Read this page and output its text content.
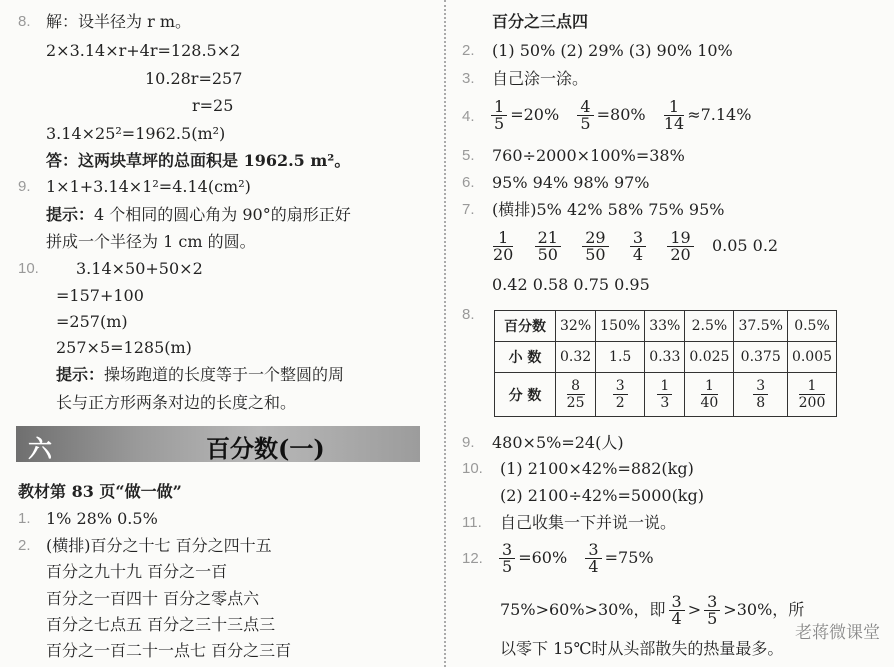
8. 解：设半径为 r m。
2×3.14×r+4r=128.5×2
10.28r=257
r=25
3.14×25²=1962.5(m²)
答：这两块草坪的总面积是 1962.5 m²。
9. 1×1+3.14×1²=4.14(cm²)
提示：4 个相同的圆心角为 90°的扇形正好
拼成一个半径为 1 cm 的圆。
10. 3.14×50+50×2
=157+100
=257(m)
257×5=1285(m)
提示：操场跑道的长度等于一个整圆的周
长与正方形两条对边的长度之和。
六	百分数(一)
教材第 83 页“做一做”
1. 1% 28% 0.5%
2. (横排)百分之十七 百分之四十五
百分之九十九 百分之一百
百分之一百四十 百分之零点六
百分之七点五 百分之三十三点三
百分之一百二十一点七 百分之三百
百分之三点四
2. (1) 50% (2) 29% (3) 90% 10%
3. 自己涂一涂。
4. $\frac{1}{5} =20\% \frac{4}{5} =80\% \frac{1}{14} \approx 7.14\%$
5. 760÷2000×100%=38%
6. 95% 94% 98% 97%
7. (横排)5% 42% 58% 75% 95%
$\frac{1}{20}$
$\frac{21}{50}$
$\frac{29}{50}$
$\frac{3}{4}$
$\frac{19}{20} 0.05$ 0.2
0.42 0.58 0.75 0.95
8.
百分数	32%	150%	33%	2.5%	37.5%	0.5%
小 数	0.32	1.5	0.33	0.025	0.375	0.005
分 数	$\frac{8}{25}$	$\frac{3}{2}$	$\frac{1}{3}$	$\frac{1}{40}$	$\frac{3}{8}$	$\frac{1}{200}$
9. 480×5%=24(人)
10. (1) 2100×42%=882(kg)
(2) 2100÷42%=5000(kg)
11. 自己收集一下并说一说。
12. $\frac{3}{5} =60\% \frac{3}{4} =75\%$
75%>60%>30%，即 $\frac{3}{4} > \frac{3}{5} >30\%$，所
以零下 15℃时从头部散失的热量最多。
老蒋微课堂
